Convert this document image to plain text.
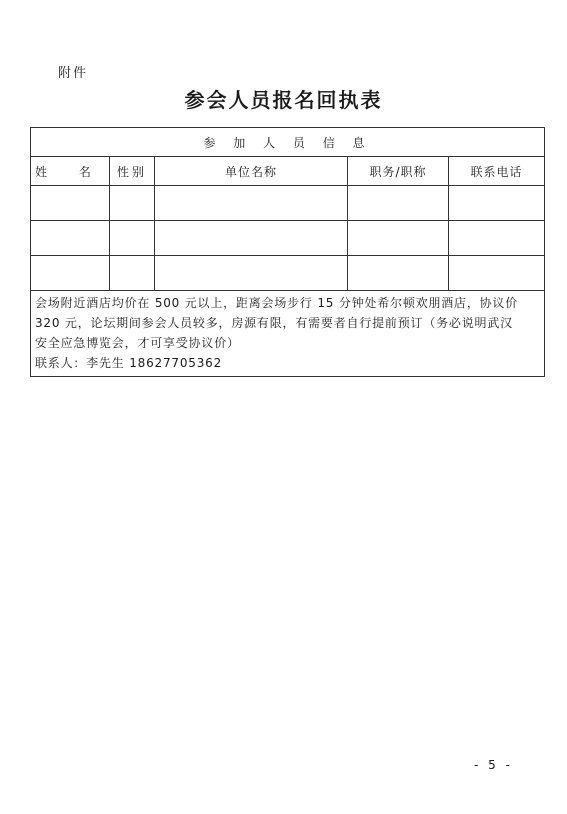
附件
参会人员报名回执表
参 加 人 员 信 息				
姓 名	性别	单位名称	职务/职称	联系电话

会场附近酒店均价在 500 元以上，距离会场步行 15 分钟处希尔顿欢朋酒店，协议价
320 元，论坛期间参会人员较多，房源有限，有需要者自行提前预订（务必说明武汉
安全应急博览会，才可享受协议价）
联系人：李先生 18627705362				
- 5 -
